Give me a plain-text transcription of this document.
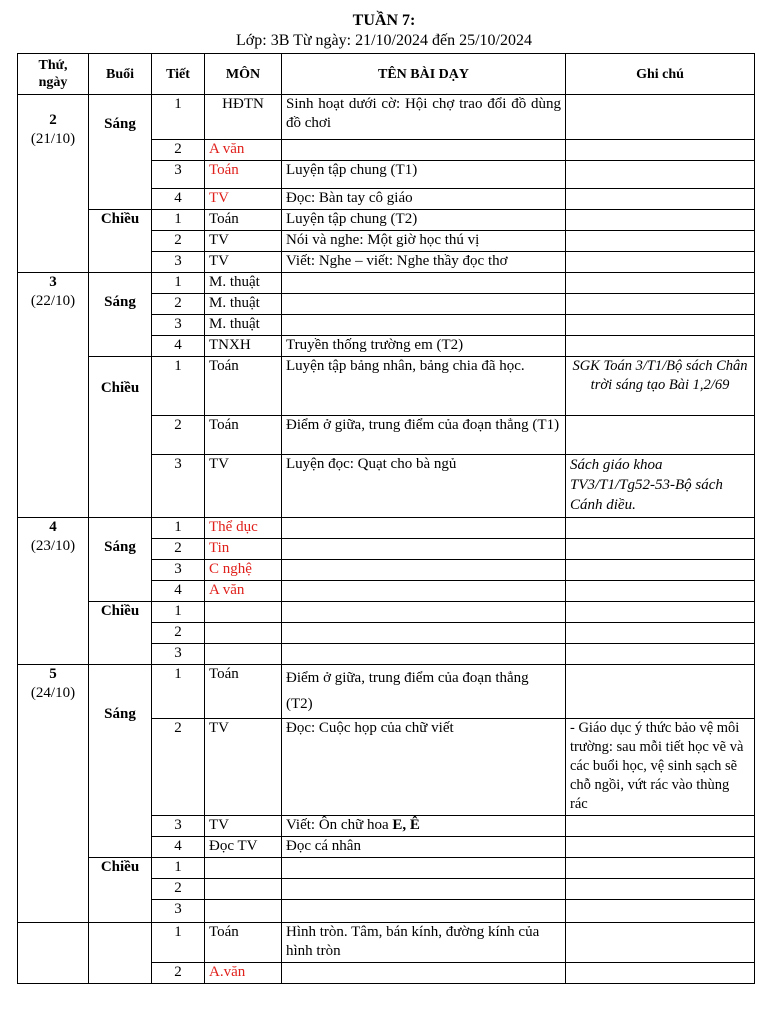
TUẦN 7:
Lớp: 3B Từ ngày: 21/10/2024 đến 25/10/2024
Thứ,
ngày	Buổi	Tiết	MÔN	TÊN BÀI DẠY	Ghi chú

2
(21/10)	Sáng	1	HĐTN	Sinh hoạt dưới cờ: Hội chợ trao đổi đồ dùng đồ chơi	
		2	A văn		
		3	Toán	Luyện tập chung (T1)	
		4	TV	Đọc: Bàn tay cô giáo	
	Chiều	1	Toán	Luyện tập chung (T2)	
		2	TV	Nói và nghe: Một giờ học thú vị	
		3	TV	Viết: Nghe – viết: Nghe thầy đọc thơ	

3
(22/10)	Sáng	1	M. thuật		
		2	M. thuật		
		3	M. thuật		
		4	TNXH	Truyền thống trường em (T2)	
	Chiều	1	Toán	Luyện tập bảng nhân, bảng chia đã học.	SGK Toán 3/T1/Bộ sách Chân trời sáng tạo Bài 1,2/69
		2	Toán	Điểm ở giữa, trung điểm của đoạn thẳng (T1)	
		3	TV	Luyện đọc: Quạt cho bà ngủ	Sách giáo khoa TV3/T1/Tg52-53-Bộ sách Cánh diều.

4
(23/10)	Sáng	1	Thể dục		
		2	Tin		
		3	C nghệ		
		4	A văn		
	Chiều	1			
		2			
		3			

5
(24/10)	Sáng	1	Toán	Điểm ở giữa, trung điểm của đoạn thẳng
(T2)	
		2	TV	Đọc: Cuộc họp của chữ viết	- Giáo dục ý thức bảo vệ môi trường: sau mỗi tiết học vẽ và các buổi học, vệ sinh sạch sẽ chỗ ngồi, vứt rác vào thùng rác
		3	TV	Viết: Ôn chữ hoa E, Ê	
		4	Đọc TV	Đọc cá nhân	
	Chiều	1			
		2			
		3			
		1	Toán	Hình tròn. Tâm, bán kính, đường kính của hình tròn	
		2	A.văn		
